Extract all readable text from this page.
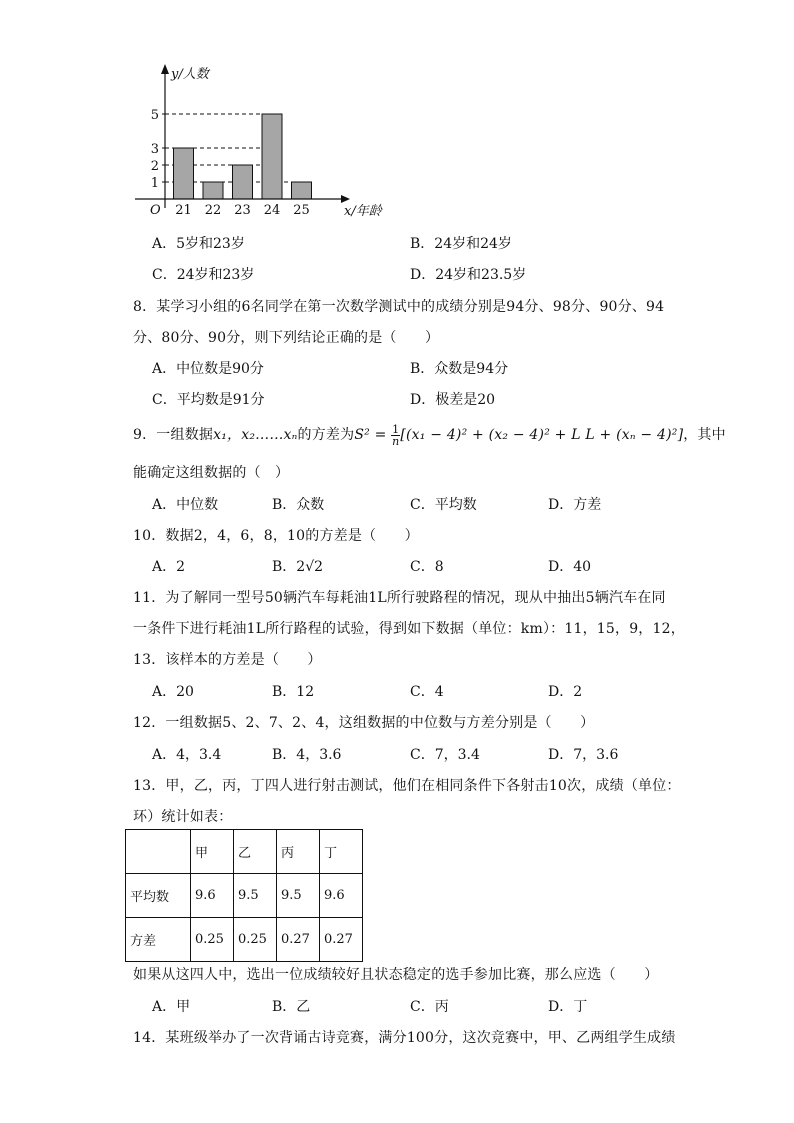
y/人数
x/年龄
O
1
2
3
5
21 22 23 24 25
A．5岁和23岁	B．24岁和24岁
C．24岁和23岁	D．24岁和23.5岁
8．某学习小组的6名同学在第一次数学测试中的成绩分别是94分、98分、90分、94
分、80分、90分，则下列结论正确的是（　　）
A．中位数是90分	B．众数是94分
C．平均数是91分	D．极差是20
9．一组数据x₁，x₂……xₙ的方差为$S^2 = \frac{1}{n} [(x_1 - 4)^2 + (x_2 - 4)^2 + L$ L + (xₙ − 4)²]，其中
能确定这组数据的（　）
A．中位数	B．众数	C．平均数	D．方差
10．数据2，4，6，8，10的方差是（　　）
A．2	B．2√2	C．8	D．40
11．为了解同一型号50辆汽车每耗油1L所行驶路程的情况，现从中抽出5辆汽车在同
一条件下进行耗油1L所行路程的试验，得到如下数据（单位：km）：11，15，9，12，
13．该样本的方差是（　　）
A．20	B．12	C．4	D．2
12．一组数据5、2、7、2、4，这组数据的中位数与方差分别是（　　）
A．4，3.4	B．4，3.6	C．7，3.4	D．7，3.6
13．甲，乙，丙，丁四人进行射击测试，他们在相同条件下各射击10次，成绩（单位：
环）统计如表：
	甲	乙	丙	丁
平均数	9.6	9.5	9.5	9.6
方差	0.25	0.25	0.27	0.27
如果从这四人中，选出一位成绩较好且状态稳定的选手参加比赛，那么应选（　　）
A．甲	B．乙	C．丙	D．丁
14．某班级举办了一次背诵古诗竞赛，满分100分，这次竞赛中，甲、乙两组学生成绩
